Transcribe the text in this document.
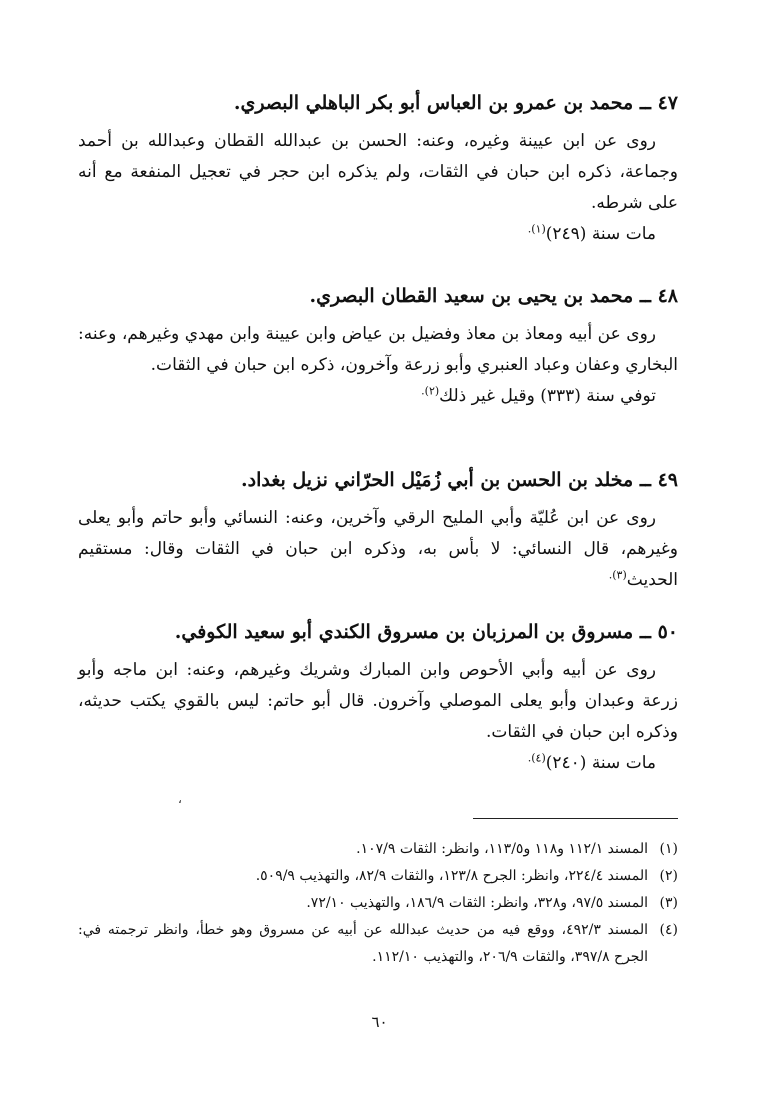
٤٧ ــ محمد بن عمرو بن العباس أبو بكر الباهلي البصري.

روى عن ابن عيينة وغيره، وعنه: الحسن بن عبدالله القطان وعبدالله بن أحمد وجماعة، ذكره ابن حبان في الثقات، ولم يذكره ابن حجر في تعجيل المنفعة مع أنه على شرطه.

مات سنة (٢٤٩)$^{(١).}$

٤٨ ــ محمد بن يحيى بن سعيد القطان البصري.

روى عن أبيه ومعاذ بن معاذ وفضيل بن عياض وابن عيينة وابن مهدي وغيرهم، وعنه: البخاري وعفان وعباد العنبري وأبو زرعة وآخرون، ذكره ابن حبان في الثقات.

توفي سنة (٣٣٣) وقيل غير ذلك$^{(٢).}$

٤٩ ــ مخلد بن الحسن بن أبي زُمَيْل الحرّاني نزيل بغداد.

روى عن ابن عُليّة وأبي المليح الرقي وآخرين، وعنه: النسائي وأبو حاتم وأبو يعلى وغيرهم، قال النسائي: لا بأس به، وذكره ابن حبان في الثقات وقال: مستقيم الحديث$^{(٣).}$

٥٠ ــ مسروق بن المرزبان بن مسروق الكندي أبو سعيد الكوفي.

روى عن أبيه وأبي الأحوص وابن المبارك وشريك وغيرهم، وعنه: ابن ماجه وأبو زرعة وعبدان وأبو يعلى الموصلي وآخرون. قال أبو حاتم: ليس بالقوي يكتب حديثه، وذكره ابن حبان في الثقات.

مات سنة (٢٤٠)$^{(٤).}$

،

(١)
المسند ١١٢/١ و١١٨ و١١٣/٥، وانظر: الثقات ١٠٧/٩.

(٢)
المسند ٢٢٤/٤، وانظر: الجرح ١٢٣/٨، والثقات ٨٢/٩، والتهذيب ٥٠٩/٩.

(٣)
المسند ٩٧/٥، و٣٢٨، وانظر: الثقات ١٨٦/٩، والتهذيب ٧٢/١٠.

(٤)
المسند ٤٩٢/٣، ووقع فيه من حديث عبدالله عن أبيه عن مسروق وهو خطأ، وانظر ترجمته في: الجرح ٣٩٧/٨، والثقات ٢٠٦/٩، والتهذيب ١١٢/١٠.

٦٠
